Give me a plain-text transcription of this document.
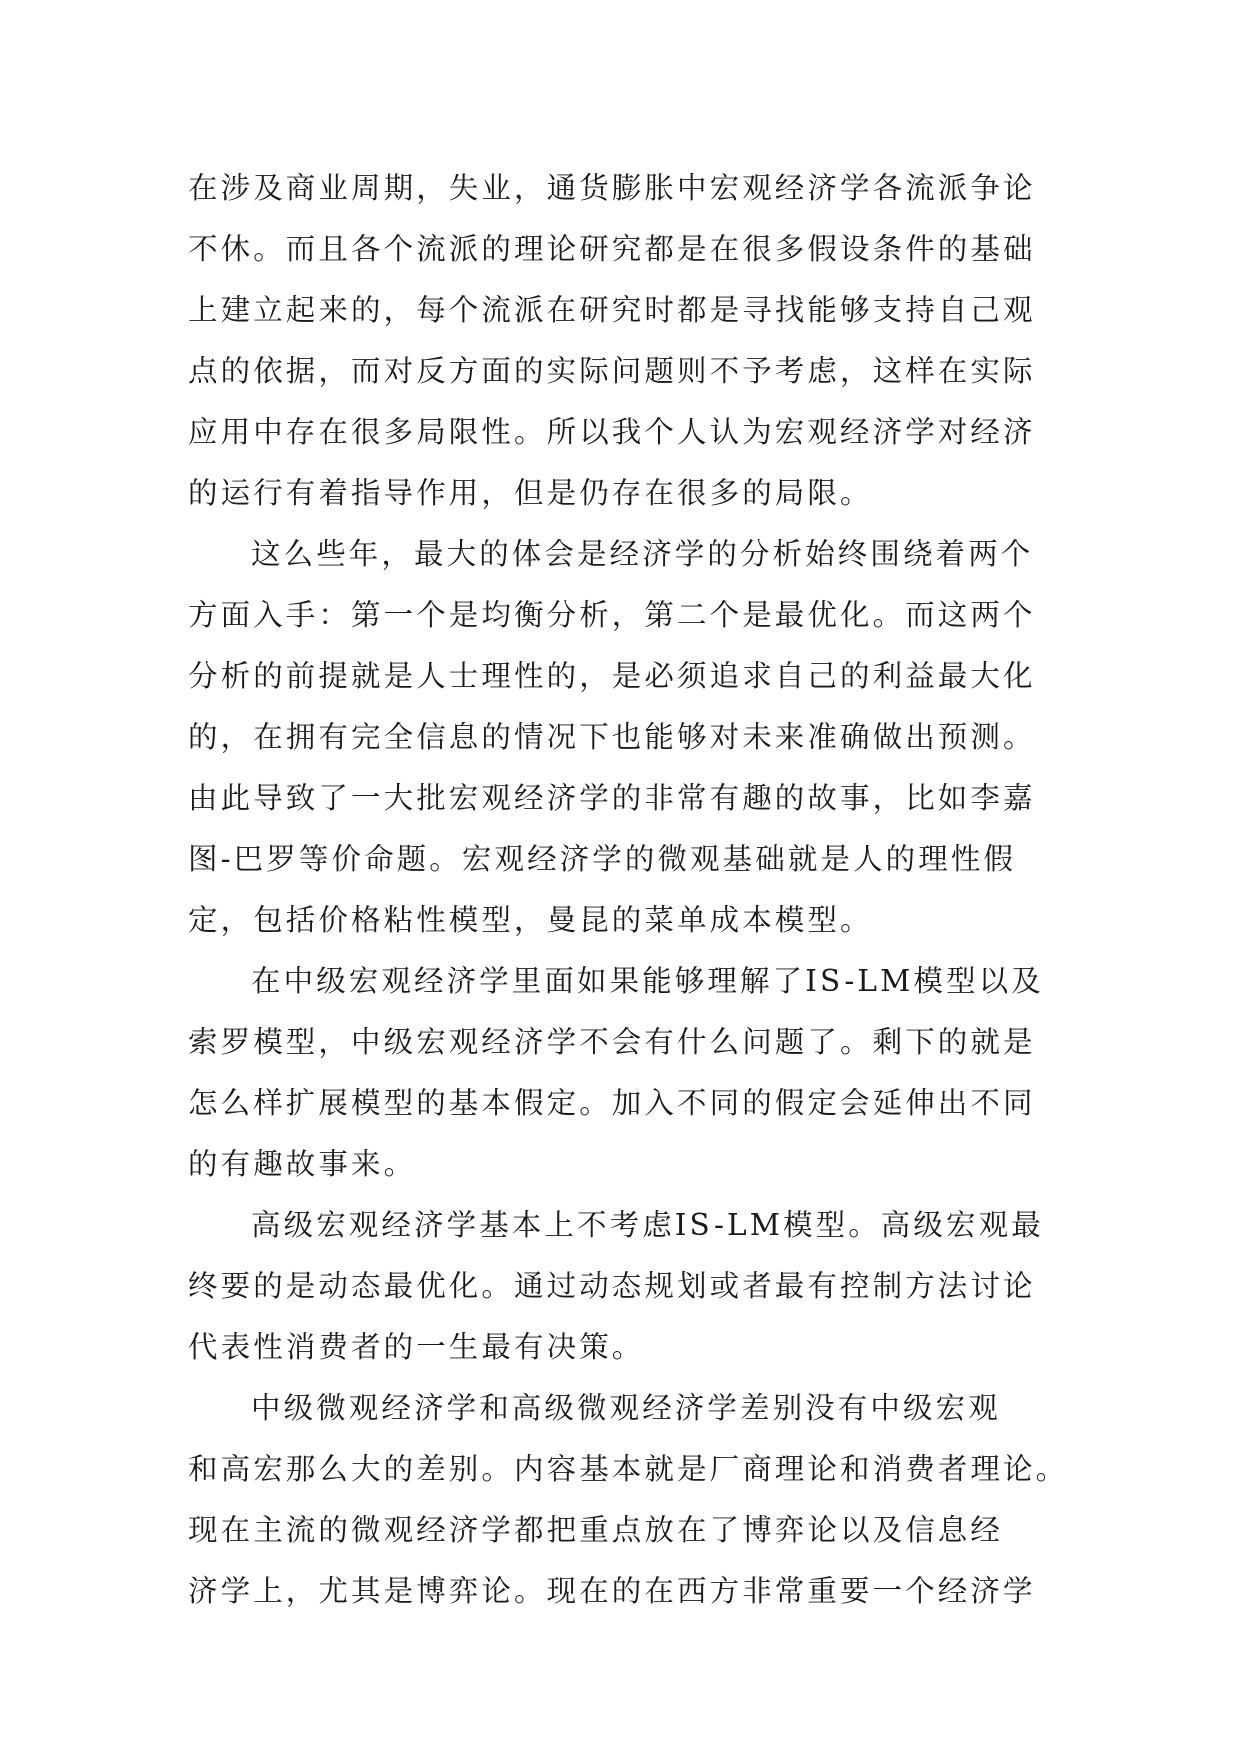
在涉及商业周期，失业，通货膨胀中宏观经济学各流派争论
不休。而且各个流派的理论研究都是在很多假设条件的基础
上建立起来的，每个流派在研究时都是寻找能够支持自己观
点的依据，而对反方面的实际问题则不予考虑，这样在实际
应用中存在很多局限性。所以我个人认为宏观经济学对经济
的运行有着指导作用，但是仍存在很多的局限。
这么些年，最大的体会是经济学的分析始终围绕着两个
方面入手：第一个是均衡分析，第二个是最优化。而这两个
分析的前提就是人士理性的，是必须追求自己的利益最大化
的，在拥有完全信息的情况下也能够对未来准确做出预测。
由此导致了一大批宏观经济学的非常有趣的故事，比如李嘉
图-巴罗等价命题。宏观经济学的微观基础就是人的理性假
定，包括价格粘性模型，曼昆的菜单成本模型。
在中级宏观经济学里面如果能够理解了IS-LM模型以及
索罗模型，中级宏观经济学不会有什么问题了。剩下的就是
怎么样扩展模型的基本假定。加入不同的假定会延伸出不同
的有趣故事来。
高级宏观经济学基本上不考虑IS-LM模型。高级宏观最
终要的是动态最优化。通过动态规划或者最有控制方法讨论
代表性消费者的一生最有决策。
中级微观经济学和高级微观经济学差别没有中级宏观
和高宏那么大的差别。内容基本就是厂商理论和消费者理论。
现在主流的微观经济学都把重点放在了博弈论以及信息经
济学上，尤其是博弈论。现在的在西方非常重要一个经济学
